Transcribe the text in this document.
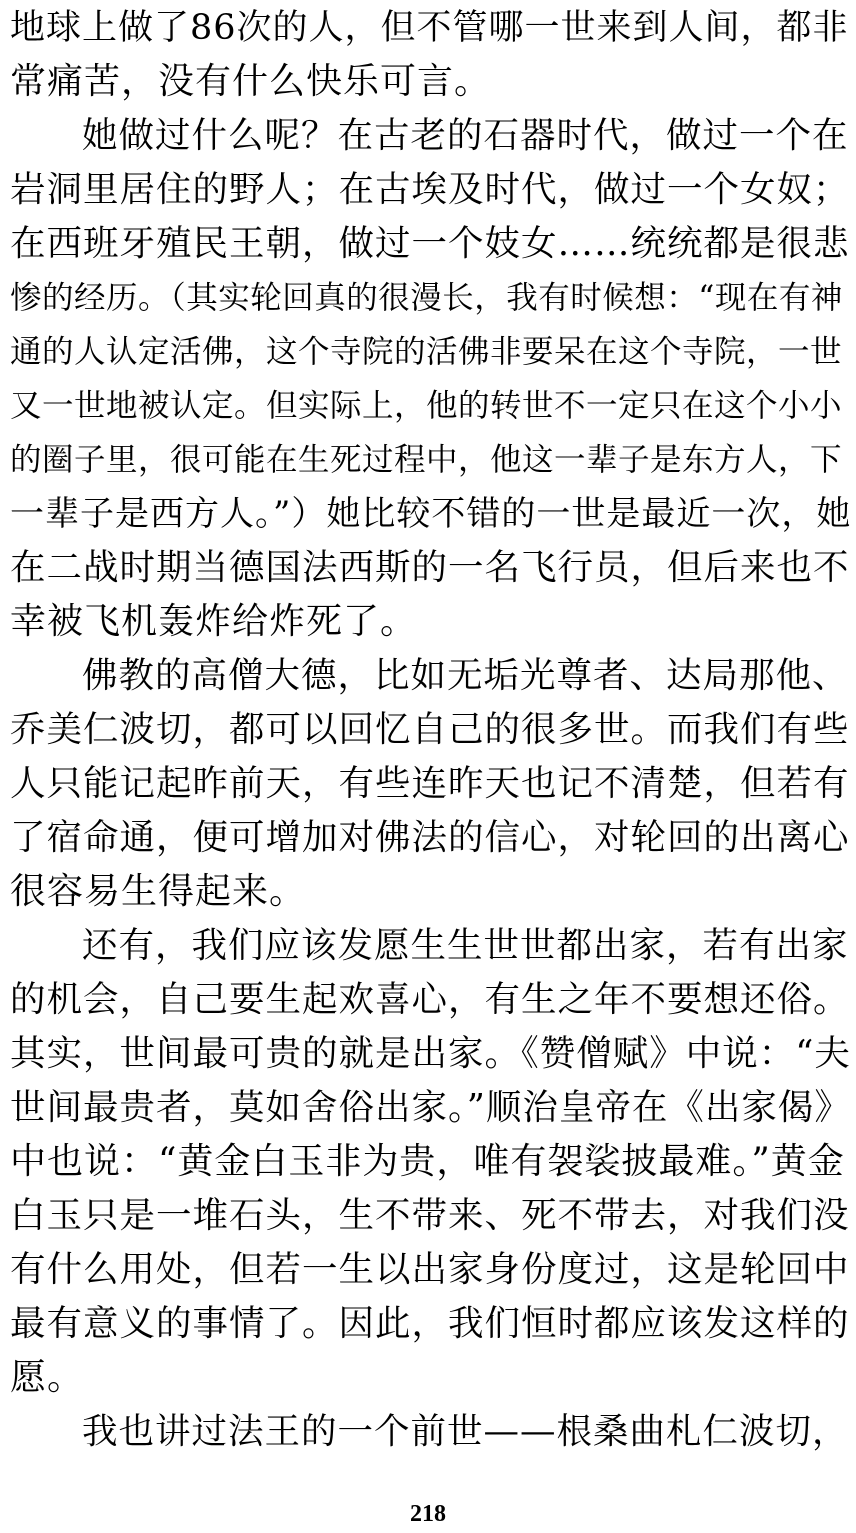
地球上做了86次的人，但不管哪一世来到人间，都非
常痛苦，没有什么快乐可言。
她做过什么呢？在古老的石器时代，做过一个在
岩洞里居住的野人；在古埃及时代，做过一个女奴；
在西班牙殖民王朝，做过一个妓女……统统都是很悲
惨的经历。（其实轮回真的很漫长，我有时候想：“现在有神
通的人认定活佛，这个寺院的活佛非要呆在这个寺院，一世
又一世地被认定。但实际上，他的转世不一定只在这个小小
的圈子里，很可能在生死过程中，他这一辈子是东方人，下
一辈子是西方人。”）她比较不错的一世是最近一次，她
在二战时期当德国法西斯的一名飞行员，但后来也不
幸被飞机轰炸给炸死了。
佛教的高僧大德，比如无垢光尊者、达局那他、
乔美仁波切，都可以回忆自己的很多世。而我们有些
人只能记起昨前天，有些连昨天也记不清楚，但若有
了宿命通，便可增加对佛法的信心，对轮回的出离心
很容易生得起来。
还有，我们应该发愿生生世世都出家，若有出家
的机会，自己要生起欢喜心，有生之年不要想还俗。
其实，世间最可贵的就是出家。《赞僧赋》中说：“夫
世间最贵者，莫如舍俗出家。”顺治皇帝在《出家偈》
中也说：“黄金白玉非为贵，唯有袈裟披最难。”黄金
白玉只是一堆石头，生不带来、死不带去，对我们没
有什么用处，但若一生以出家身份度过，这是轮回中
最有意义的事情了。因此，我们恒时都应该发这样的
愿。
我也讲过法王的一个前世——根桑曲札仁波切，
218
